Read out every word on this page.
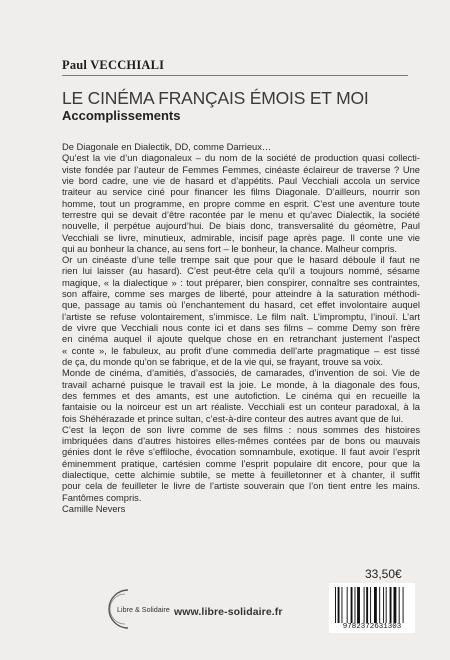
Paul VECCHIALI
LE CINÉMA FRANÇAIS ÉMOIS ET MOI
Accomplissements
De Diagonale en Dialectik, DD, comme Darrieux…
Qu’est la vie d’un diagonaleux – du nom de la société de production quasi collecti-
viste fondée par l’auteur de Femmes Femmes, cinéaste éclaireur de traverse ? Une
vie bord cadre, une vie de hasard et d’appétits. Paul Vecchiali accola un service
traiteur au service ciné pour financer les films Diagonale. D’ailleurs, nourrir son
homme, tout un programme, en propre comme en esprit. C’est une aventure toute
terrestre qui se devait d’être racontée par le menu et qu’avec Dialectik, la société
nouvelle, il perpétue aujourd’hui. De biais donc, transversalité du géomètre, Paul
Vecchiali se livre, minutieux, admirable, incisif page après page. Il conte une vie
qui au bonheur la chance, au sens fort – le bonheur, la chance. Malheur compris.
Or un cinéaste d’une telle trempe sait que pour que le hasard déboule il faut ne
rien lui laisser (au hasard). C’est peut-être cela qu’il a toujours nommé, sésame
magique, « la dialectique » : tout préparer, bien conspirer, connaître ses contraintes,
son affaire, comme ses marges de liberté, pour atteindre à la saturation méthodi-
que, passage au tamis où l’enchantement du hasard, cet effet involontaire auquel
l’artiste se refuse volontairement, s’immisce. Le film naît. L’impromptu, l’inouï. L’art
de vivre que Vecchiali nous conte ici et dans ses films – comme Demy son frère
en cinéma auquel il ajoute quelque chose en en retranchant justement l’aspect
« conte », le fabuleux, au profit d’une commedia dell’arte pragmatique – est tissé
de ça, du monde qu’on se fabrique, et de la vie qui, se frayant, trouve sa voix.
Monde de cinéma, d’amitiés, d’associés, de camarades, d’invention de soi. Vie de
travail acharné puisque le travail est la joie. Le monde, à la diagonale des fous,
des femmes et des amants, est une autofiction. Le cinéma qui en recueille la
fantaisie ou la noirceur est un art réaliste. Vecchiali est un conteur paradoxal, à la
fois Shéhérazade et prince sultan, c’est-à-dire conteur des autres avant que de lui.
C’est la leçon de son livre comme de ses films : nous sommes des histoires
imbriquées dans d’autres histoires elles-mêmes contées par de bons ou mauvais
génies dont le rêve s’effiloche, évocation somnambule, exotique. Il faut avoir l’esprit
éminemment pratique, cartésien comme l’esprit populaire dit encore, pour que la
dialectique, cette alchimie subtile, se mette à feuilletonner et à chanter, il suffit
pour cela de feuilleter le livre de l’artiste souverain que l’on tient entre les mains.
Fantômes compris.
Camille Nevers
33,50€
Libre & Solidaire www.libre-solidaire.fr
9782372631303
